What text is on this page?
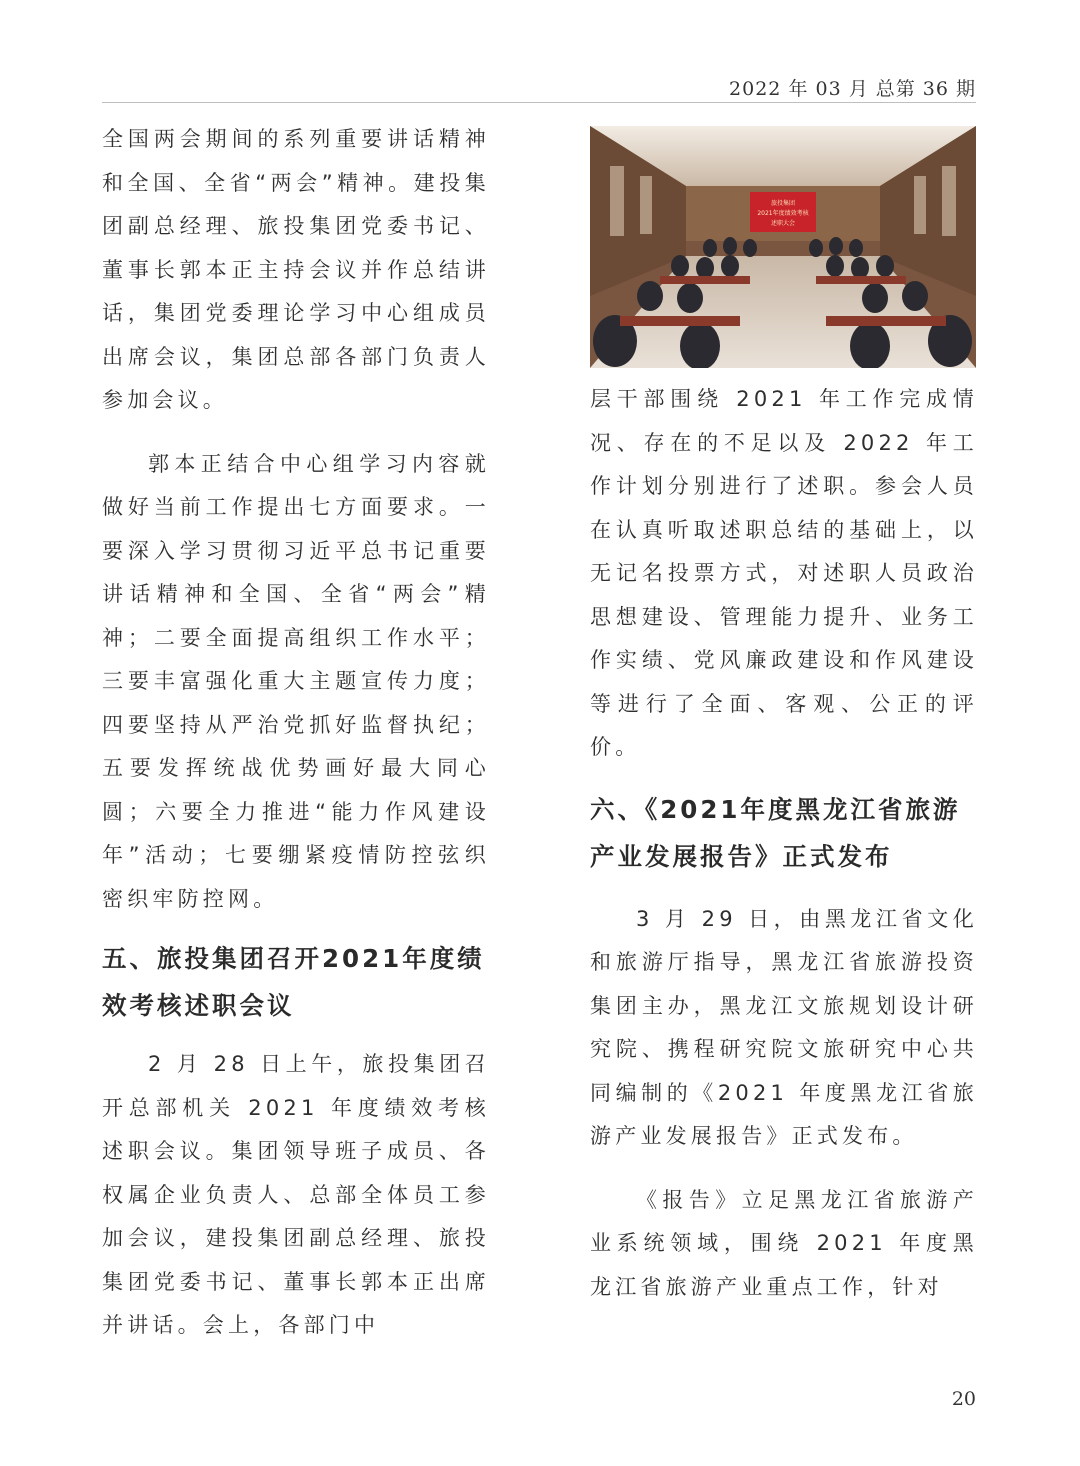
2022 年 03 月 总第 36 期

全国两会期间的系列重要讲话精神和全国、全省“两会”精神。建投集团副总经理、旅投集团党委书记、董事长郭本正主持会议并作总结讲话，集团党委理论学习中心组成员出席会议，集团总部各部门负责人参加会议。

郭本正结合中心组学习内容就做好当前工作提出七方面要求。一要深入学习贯彻习近平总书记重要讲话精神和全国、全省“两会”精神；二要全面提高组织工作水平；三要丰富强化重大主题宣传力度；四要坚持从严治党抓好监督执纪；五要发挥统战优势画好最大同心圆；六要全力推进“能力作风建设年”活动；七要绷紧疫情防控弦织密织牢防控网。

五、旅投集团召开2021年度绩效考核述职会议

2 月 28 日上午，旅投集团召开总部机关 2021 年度绩效考核述职会议。集团领导班子成员、各权属企业负责人、总部全体员工参加会议，建投集团副总经理、旅投集团党委书记、董事长郭本正出席并讲话。会上，各部门中

旅投集团
2021年度绩效考核
述职大会

层干部围绕 2021 年工作完成情况、存在的不足以及 2022 年工作计划分别进行了述职。参会人员在认真听取述职总结的基础上，以无记名投票方式，对述职人员政治思想建设、管理能力提升、业务工作实绩、党风廉政建设和作风建设等进行了全面、客观、公正的评价。

六、《2021年度黑龙江省旅游产业发展报告》正式发布

3 月 29 日，由黑龙江省文化和旅游厅指导，黑龙江省旅游投资集团主办，黑龙江文旅规划设计研究院、携程研究院文旅研究中心共同编制的《2021 年度黑龙江省旅游产业发展报告》正式发布。

《报告》立足黑龙江省旅游产业系统领域，围绕 2021 年度黑龙江省旅游产业重点工作，针对

20
